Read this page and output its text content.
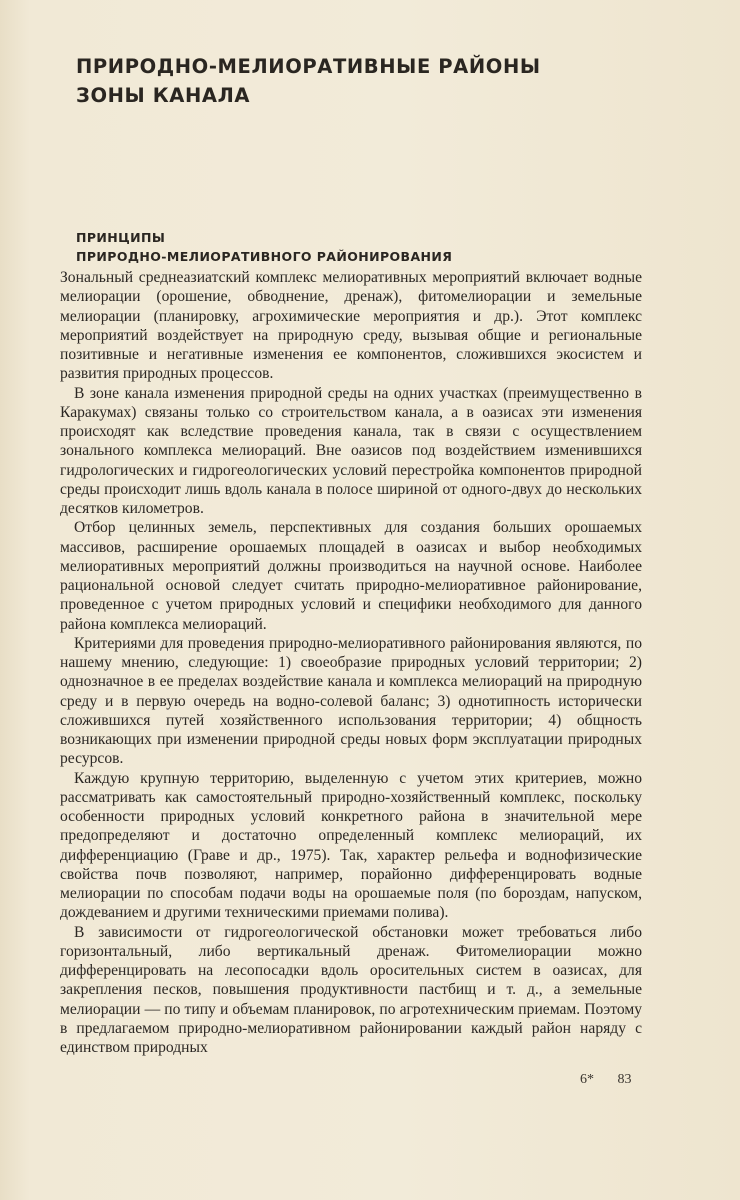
ПРИРОДНО-МЕЛИОРАТИВНЫЕ РАЙОНЫ
ЗОНЫ КАНАЛА
ПРИНЦИПЫ
ПРИРОДНО-МЕЛИОРАТИВНОГО РАЙОНИРОВАНИЯ

Зональный среднеазиатский комплекс мелиоративных мероприятий включает водные мелиорации (орошение, обводнение, дренаж), фитомелиорации и земельные мелиорации (планировку, агрохимические мероприятия и др.). Этот комплекс мероприятий воздействует на природную среду, вызывая общие и региональные позитивные и негативные изменения ее компонентов, сложившихся экосистем и развития природных процессов.

В зоне канала изменения природной среды на одних участках (преимущественно в Каракумах) связаны только со строительством канала, а в оазисах эти изменения происходят как вследствие проведения канала, так в связи с осуществлением зонального комплекса мелиораций. Вне оазисов под воздействием изменившихся гидрологических и гидрогеологических условий перестройка компонентов природной среды происходит лишь вдоль канала в полосе шириной от одного-двух до нескольких десятков километров.

Отбор целинных земель, перспективных для создания больших орошаемых массивов, расширение орошаемых площадей в оазисах и выбор необходимых мелиоративных мероприятий должны производиться на научной основе. Наиболее рациональной основой следует считать природно-мелиоративное районирование, проведенное с учетом природных условий и специфики необходимого для данного района комплекса мелиораций.

Критериями для проведения природно-мелиоративного районирования являются, по нашему мнению, следующие: 1) своеобразие природных условий территории; 2) однозначное в ее пределах воздействие канала и комплекса мелиораций на природную среду и в первую очередь на водно-солевой баланс; 3) однотипность исторически сложившихся путей хозяйственного использования территории; 4) общность возникающих при изменении природной среды новых форм эксплуатации природных ресурсов.

Каждую крупную территорию, выделенную с учетом этих критериев, можно рассматривать как самостоятельный природно-хозяйственный комплекс, поскольку особенности природных условий конкретного района в значительной мере предопределяют и достаточно определенный комплекс мелиораций, их дифференциацию (Граве и др., 1975). Так, характер рельефа и воднофизические свойства почв позволяют, например, порайонно дифференцировать водные мелиорации по способам подачи воды на орошаемые поля (по бороздам, напуском, дождеванием и другими техническими приемами полива).

В зависимости от гидрогеологической обстановки может требоваться либо горизонтальный, либо вертикальный дренаж. Фитомелиорации можно дифференцировать на лесопосадки вдоль оросительных систем в оазисах, для закрепления песков, повышения продуктивности пастбищ и т. д., а земельные мелиорации — по типу и объемам планировок, по агротехническим приемам. Поэтому в предлагаемом природно-мелиоративном районировании каждый район наряду с единством природных

6* 83
